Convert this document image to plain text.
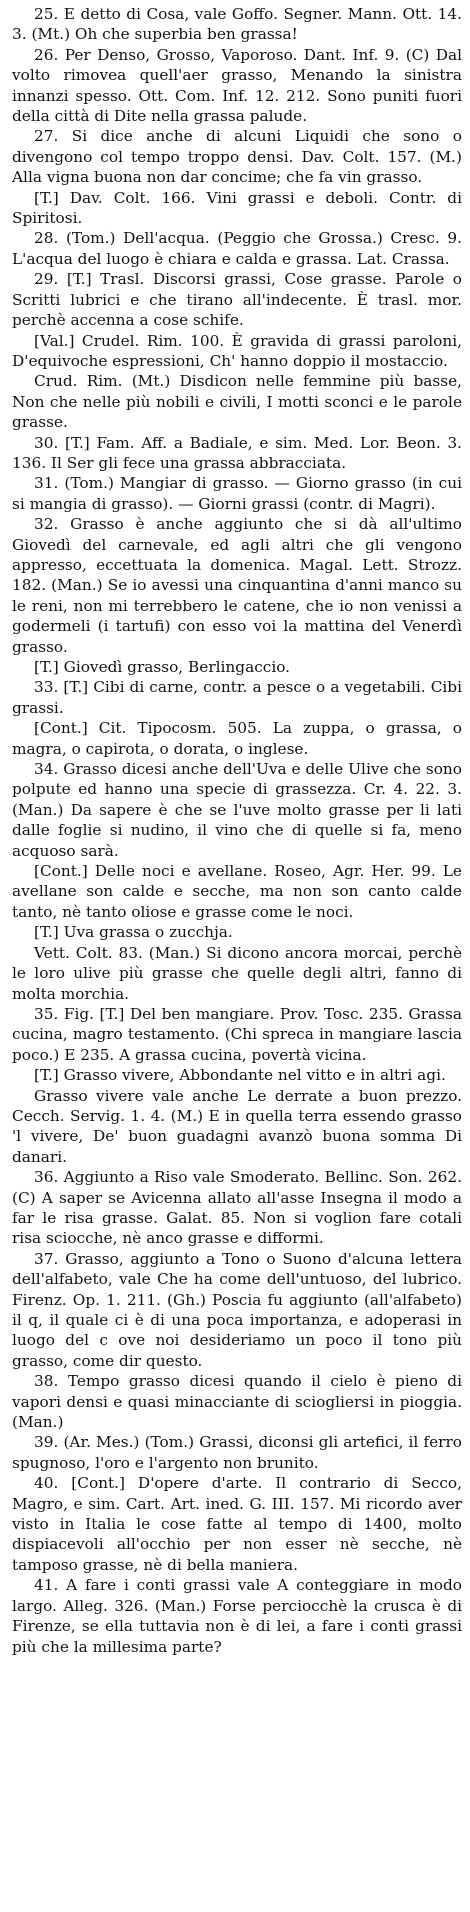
25. E detto di Cosa, vale Goffo. Segner. Mann. Ott. 14. 3. (Mt.) Oh che superbia ben grassa!

26. Per Denso, Grosso, Vaporoso. Dant. Inf. 9. (C) Dal volto rimovea quell'aer grasso, Menando la sinistra innanzi spesso. Ott. Com. Inf. 12. 212. Sono puniti fuori della città di Dite nella grassa palude.

27. Si dice anche di alcuni Liquidi che sono o divengono col tempo troppo densi. Dav. Colt. 157. (M.) Alla vigna buona non dar concime; che fa vin grasso.

[T.] Dav. Colt. 166. Vini grassi e deboli. Contr. di Spiritosi.

28. (Tom.) Dell'acqua. (Peggio che Grossa.) Cresc. 9. L'acqua del luogo è chiara e calda e grassa. Lat. Crassa.

29. [T.] Trasl. Discorsi grassi, Cose grasse. Parole o Scritti lubrici e che tirano all'indecente. È trasl. mor. perchè accenna a cose schife.

[Val.] Crudel. Rim. 100. È gravida di grassi paroloni, D'equivoche espressioni, Ch' hanno doppio il mostaccio.

Crud. Rim. (Mt.) Disdicon nelle femmine più basse, Non che nelle più nobili e civili, I motti sconci e le parole grasse.

30. [T.] Fam. Aff. a Badiale, e sim. Med. Lor. Beon. 3. 136. Il Ser gli fece una grassa abbracciata.

31. (Tom.) Mangiar di grasso. — Giorno grasso (in cui si mangia di grasso). — Giorni grassi (contr. di Magri).

32. Grasso è anche aggiunto che si dà all'ultimo Giovedì del carnevale, ed agli altri che gli vengono appresso, eccettuata la domenica. Magal. Lett. Strozz. 182. (Man.) Se io avessi una cinquantina d'anni manco su le reni, non mi terrebbero le catene, che io non venissi a godermeli (i tartufi) con esso voi la mattina del Venerdì grasso.

[T.] Giovedì grasso, Berlingaccio.

33. [T.] Cibi di carne, contr. a pesce o a vegetabili. Cibi grassi.

[Cont.] Cit. Tipocosm. 505. La zuppa, o grassa, o magra, o capirota, o dorata, o inglese.

34. Grasso dicesi anche dell'Uva e delle Ulive che sono polpute ed hanno una specie di grassezza. Cr. 4. 22. 3. (Man.) Da sapere è che se l'uve molto grasse per li lati dalle foglie si nudino, il vino che di quelle si fa, meno acquoso sarà.

[Cont.] Delle noci e avellane. Roseo, Agr. Her. 99. Le avellane son calde e secche, ma non son canto calde tanto, nè tanto oliose e grasse come le noci.

[T.] Uva grassa o zucchja.

Vett. Colt. 83. (Man.) Si dicono ancora morcai, perchè le loro ulive più grasse che quelle degli altri, fanno di molta morchia.

35. Fig. [T.] Del ben mangiare. Prov. Tosc. 235. Grassa cucina, magro testamento. (Chi spreca in mangiare lascia poco.) E 235. A grassa cucina, povertà vicina.

[T.] Grasso vivere, Abbondante nel vitto e in altri agi.

Grasso vivere vale anche Le derrate a buon prezzo. Cecch. Servig. 1. 4. (M.) E in quella terra essendo grasso 'l vivere, De' buon guadagni avanzò buona somma Di danari.

36. Aggiunto a Riso vale Smoderato. Bellinc. Son. 262. (C) A saper se Avicenna allato all'asse Insegna il modo a far le risa grasse. Galat. 85. Non si voglion fare cotali risa sciocche, nè anco grasse e difformi.

37. Grasso, aggiunto a Tono o Suono d'alcuna lettera dell'alfabeto, vale Che ha come dell'untuoso, del lubrico. Firenz. Op. 1. 211. (Gh.) Poscia fu aggiunto (all'alfabeto) il q, il quale ci è di una poca importanza, e adoperasi in luogo del c ove noi desideriamo un poco il tono più grasso, come dir questo.

38. Tempo grasso dicesi quando il cielo è pieno di vapori densi e quasi minacciante di sciogliersi in pioggia. (Man.)

39. (Ar. Mes.) (Tom.) Grassi, diconsi gli artefici, il ferro spugnoso, l'oro e l'argento non brunito.

40. [Cont.] D'opere d'arte. Il contrario di Secco, Magro, e sim. Cart. Art. ined. G. III. 157. Mi ricordo aver visto in Italia le cose fatte al tempo di 1400, molto dispiacevoli all'occhio per non esser nè secche, nè tamposo grasse, nè di bella maniera.

41. A fare i conti grassi vale A conteggiare in modo largo. Alleg. 326. (Man.) Forse perciocchè la crusca è di Firenze, se ella tuttavia non è di lei, a fare i conti grassi più che la millesima parte?
